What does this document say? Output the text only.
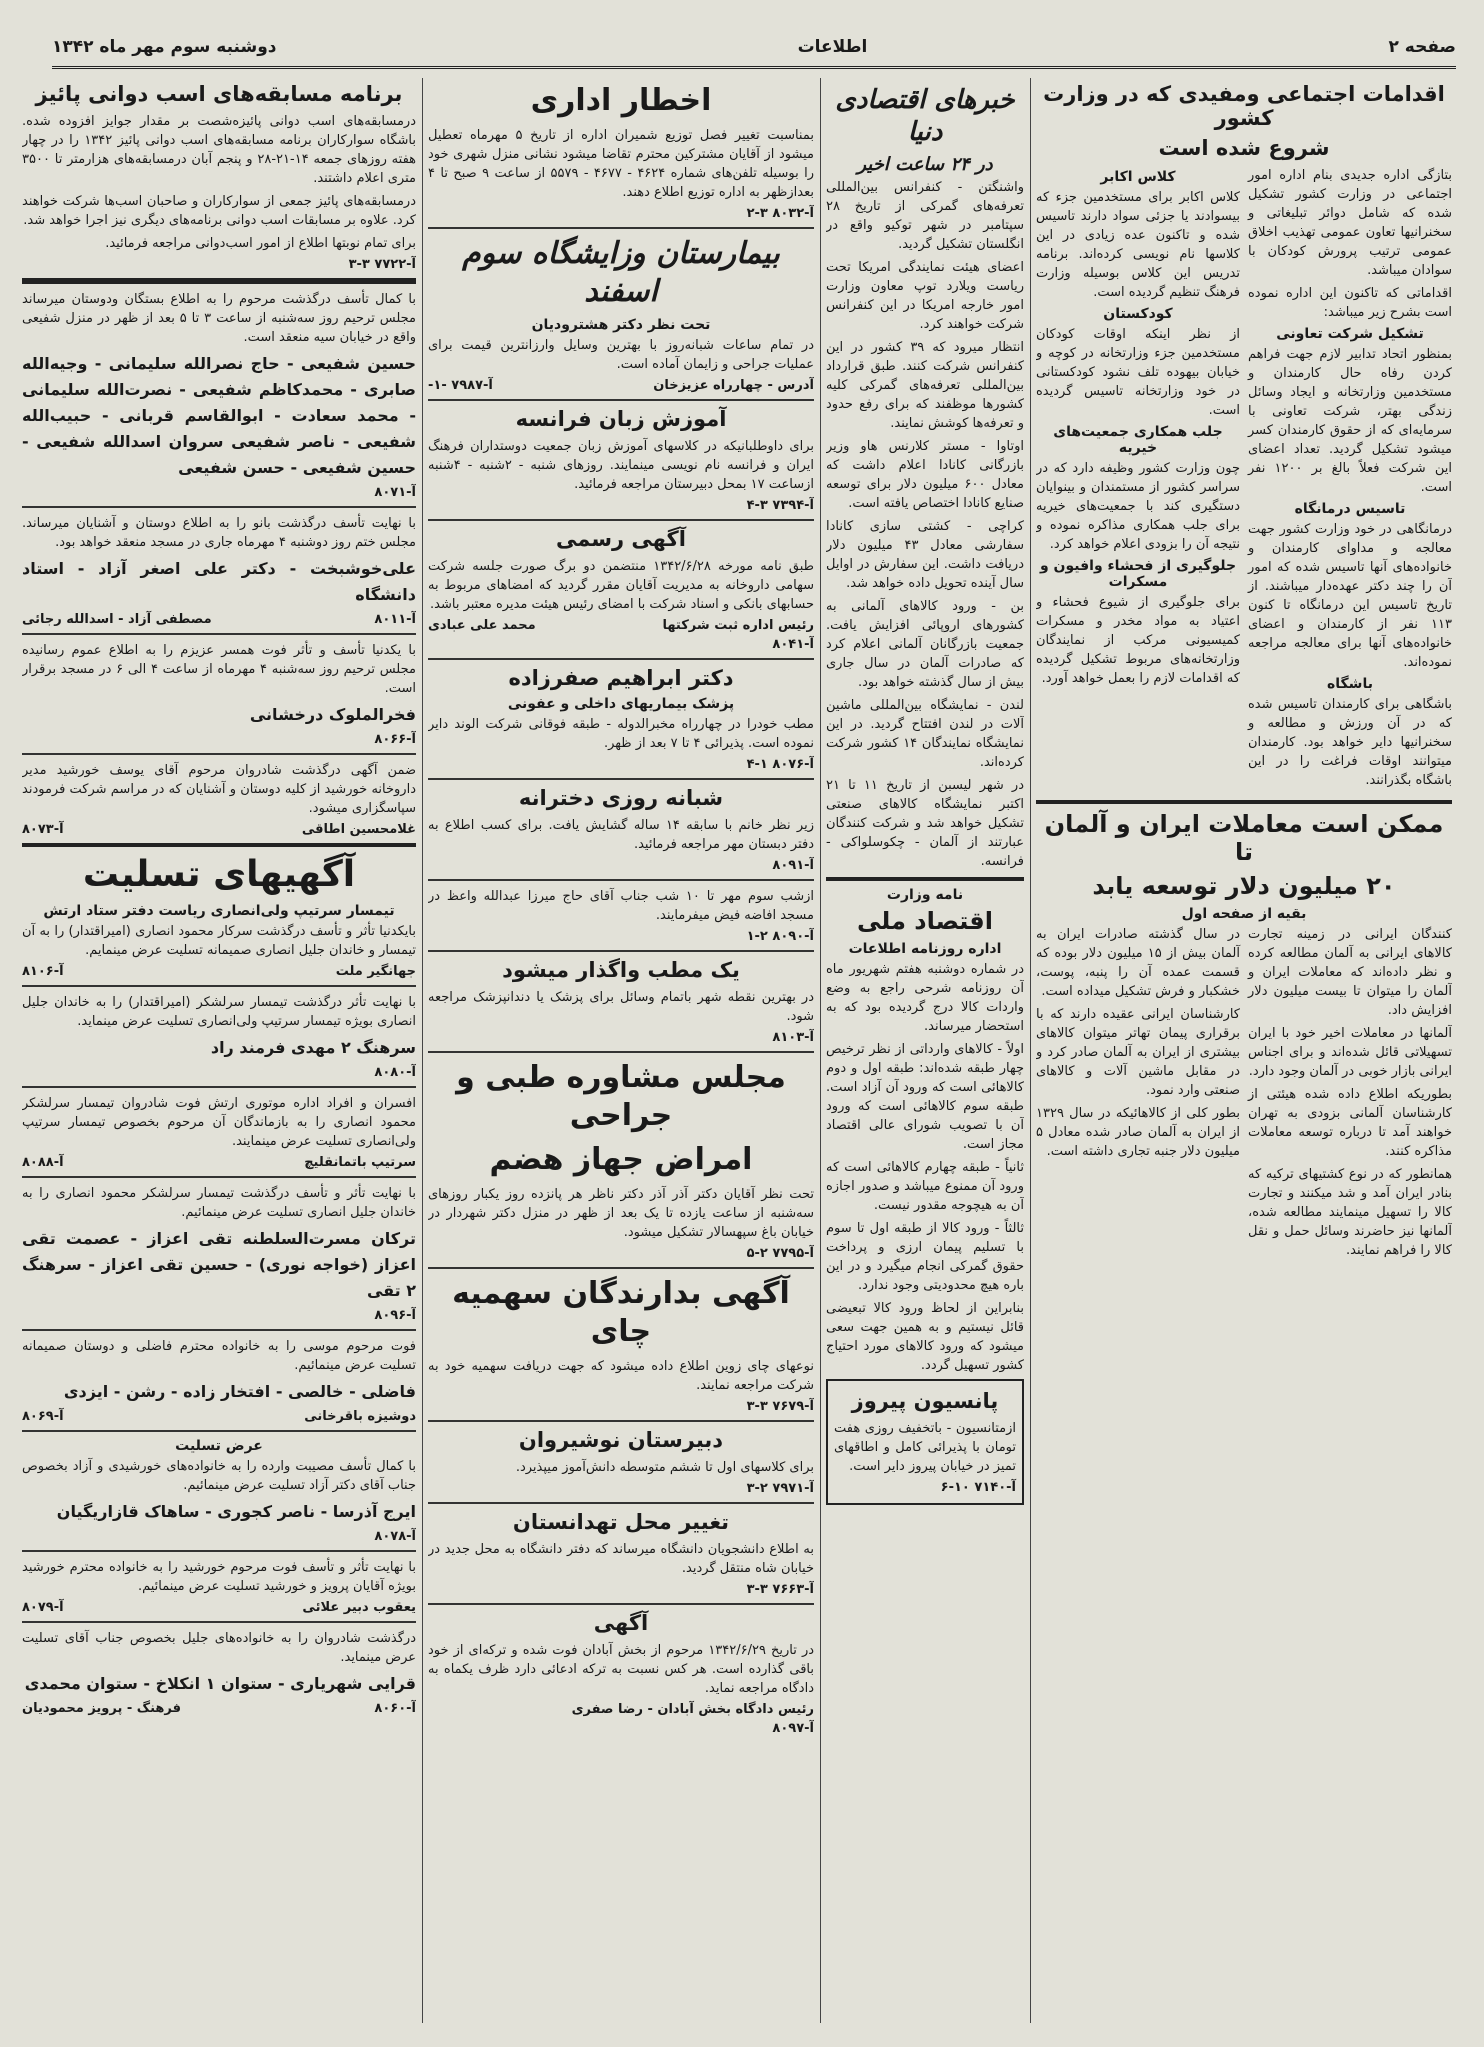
صفحه ۲
اطلاعات
دوشنبه سوم مهر ماه ۱۳۴۲
اقدامات اجتماعی ومفیدی که در وزارت کشور
شروع شده است

بتازگی اداره جدیدی بنام اداره امور اجتماعی در وزارت کشور تشکیل شده که شامل دوائر تبلیغاتی و سخنرانیها تعاون عمومی تهذیب اخلاق عمومی ترتیب پرورش کودکان با سوادان میباشد.

اقداماتی که تاکنون این اداره نموده است بشرح زیر میباشد:

تشکیل شرکت تعاونی

بمنظور اتحاد تدابیر لازم جهت فراهم کردن رفاه حال کارمندان و مستخدمین وزارتخانه و ایجاد وسائل زندگی بهتر، شرکت تعاونی با سرمایه‌ای که از حقوق کارمندان کسر میشود تشکیل گردید. تعداد اعضای این شرکت فعلاً بالغ بر ۱۲۰۰ نفر است.

تاسیس درمانگاه

درمانگاهی در خود وزارت کشور جهت معالجه و مداوای کارمندان و خانواده‌های آنها تاسیس شده که امور آن را چند دکتر عهده‌دار میباشند. از تاریخ تاسیس این درمانگاه تا کنون ۱۱۳ نفر از کارمندان و اعضای خانواده‌های آنها برای معالجه مراجعه نموده‌اند.

باشگاه

باشگاهی برای کارمندان تاسیس شده که در آن ورزش و مطالعه و سخنرانیها دایر خواهد بود. کارمندان میتوانند اوقات فراغت را در این باشگاه بگذرانند.

کلاس اکابر

کلاس اکابر برای مستخدمین جزء که بیسوادند یا جزئی سواد دارند تاسیس شده و تاکنون عده زیادی در این کلاسها نام نویسی کرده‌اند. برنامه تدریس این کلاس بوسیله وزارت فرهنگ تنظیم گردیده است.

کودکستان

از نظر اینکه اوقات کودکان مستخدمین جزء وزارتخانه در کوچه و خیابان بیهوده تلف نشود کودکستانی در خود وزارتخانه تاسیس گردیده است.

جلب همکاری جمعیت‌های خیریه

چون وزارت کشور وظیفه دارد که در سراسر کشور از مستمندان و بینوایان دستگیری کند با جمعیت‌های خیریه برای جلب همکاری مذاکره نموده و نتیجه آن را بزودی اعلام خواهد کرد.

جلوگیری از فحشاء وافیون و مسکرات

برای جلوگیری از شیوع فحشاء و اعتیاد به مواد مخدر و مسکرات کمیسیونی مرکب از نمایندگان وزارتخانه‌های مربوط تشکیل گردیده که اقدامات لازم را بعمل خواهد آورد.

ممکن است معاملات ایران و آلمان تا
۲۰ میلیون دلار توسعه یابد
بقیه از صفحه اول

کنندگان ایرانی در زمینه تجارت کالاهای ایرانی به آلمان مطالعه کرده و نظر داده‌اند که معاملات ایران و آلمان را میتوان تا بیست میلیون دلار افزایش داد.

آلمانها در معاملات اخیر خود با ایران تسهیلاتی قائل شده‌اند و برای اجناس ایرانی بازار خوبی در آلمان وجود دارد.

بطوریکه اطلاع داده شده هیئتی از کارشناسان آلمانی بزودی به تهران خواهند آمد تا درباره توسعه معاملات مذاکره کنند.

همانطور که در نوع کشتیهای ترکیه که بنادر ایران آمد و شد میکنند و تجارت کالا را تسهیل مینمایند مطالعه شده، آلمانها نیز حاضرند وسائل حمل و نقل کالا را فراهم نمایند.

در سال گذشته صادرات ایران به آلمان بیش از ۱۵ میلیون دلار بوده که قسمت عمده آن را پنبه، پوست، خشکبار و فرش تشکیل میداده است.

کارشناسان ایرانی عقیده دارند که با برقراری پیمان تهاتر میتوان کالاهای بیشتری از ایران به آلمان صادر کرد و در مقابل ماشین آلات و کالاهای صنعتی وارد نمود.

بطور کلی از کالاهائیکه در سال ۱۳۲۹ از ایران به آلمان صادر شده معادل ۵ میلیون دلار جنبه تجاری داشته است.

خبرهای اقتصادی دنیا
در ۲۴ ساعت اخیر

واشنگتن - کنفرانس بین‌المللی تعرفه‌های گمرکی از تاریخ ۲۸ سپتامبر در شهر توکیو واقع در انگلستان تشکیل گردید.

اعضای هیئت نمایندگی امریکا تحت ریاست ویلارد توپ معاون وزارت امور خارجه امریکا در این کنفرانس شرکت خواهند کرد.

انتظار میرود که ۳۹ کشور در این کنفرانس شرکت کنند. طبق قرارداد بین‌المللی تعرفه‌های گمرکی کلیه کشورها موظفند که برای رفع حدود و تعرفه‌ها کوشش نمایند.

اوتاوا - مستر کلارنس هاو وزیر بازرگانی کانادا اعلام داشت که معادل ۶۰۰ میلیون دلار برای توسعه صنایع کانادا اختصاص یافته است.

کراچی - کشتی سازی کانادا سفارشی معادل ۴۳ میلیون دلار دریافت داشت. این سفارش در اوایل سال آینده تحویل داده خواهد شد.

بن - ورود کالاهای آلمانی به کشورهای اروپائی افزایش یافت. جمعیت بازرگانان آلمانی اعلام کرد که صادرات آلمان در سال جاری بیش از سال گذشته خواهد بود.

لندن - نمایشگاه بین‌المللی ماشین آلات در لندن افتتاح گردید. در این نمایشگاه نمایندگان ۱۴ کشور شرکت کرده‌اند.

در شهر لیسبن از تاریخ ۱۱ تا ۲۱ اکتبر نمایشگاه کالاهای صنعتی تشکیل خواهد شد و شرکت کنندگان عبارتند از آلمان - چکوسلواکی - فرانسه.

نامه وزارت
اقتصاد ملی
اداره روزنامه اطلاعات

در شماره دوشنبه هفتم شهریور ماه آن روزنامه شرحی راجع به وضع واردات کالا درج گردیده بود که به استحضار میرساند.

اولاً - کالاهای وارداتی از نظر ترخیص چهار طبقه شده‌اند: طبقه اول و دوم کالاهائی است که ورود آن آزاد است. طبقه سوم کالاهائی است که ورود آن با تصویب شورای عالی اقتصاد مجاز است.

ثانیاً - طبقه چهارم کالاهائی است که ورود آن ممنوع میباشد و صدور اجازه آن به هیچوجه مقدور نیست.

ثالثاً - ورود کالا از طبقه اول تا سوم با تسلیم پیمان ارزی و پرداخت حقوق گمرکی انجام میگیرد و در این باره هیچ محدودیتی وجود ندارد.

بنابراین از لحاظ ورود کالا تبعیضی قائل نیستیم و به همین جهت سعی میشود که ورود کالاهای مورد احتیاج کشور تسهیل گردد.

پانسیون پیروز

ازمتانسیون - باتخفیف روزی هفت تومان با پذیرائی کامل و اطاقهای تمیز در خیابان پیروز دایر است.

آ-۷۱۴۰ ۱۰-۶
اخطار اداری

بمناسبت تغییر فصل توزیع شمیران اداره از تاریخ ۵ مهرماه تعطیل میشود از آقایان مشترکین محترم تقاضا میشود نشانی منزل شهری خود را بوسیله تلفن‌های شماره ۴۶۲۴ - ۴۶۷۷ - ۵۵۷۹ از ساعت ۹ صبح تا ۴ بعدازظهر به اداره توزیع اطلاع دهند.

آ-۸۰۳۲ ۳-۲
بیمارستان وزایشگاه سوم اسفند
تحت نظر دکتر هشترودیان

در تمام ساعات شبانه‌روز با بهترین وسایل وارزانترین قیمت برای عملیات جراحی و زایمان آماده است.

آدرس - چهارراه عزیزخان
آ-۷۹۸۷ -۱-
آموزش زبان فرانسه

برای داوطلبانیکه در کلاسهای آموزش زبان جمعیت دوستداران فرهنگ ایران و فرانسه نام نویسی مینمایند. روزهای شنبه - ۲شنبه - ۴شنبه ازساعت ۱۷ بمحل دبیرستان مراجعه فرمائید.

آ-۷۳۹۴ ۳-۴
آگهی رسمی

طبق نامه مورخه ۱۳۴۲/۶/۲۸ منتضمن دو برگ صورت جلسه شرکت سهامی داروخانه به مدیریت آقایان مقرر گردید که امضاهای مربوط به حسابهای بانکی و اسناد شرکت با امضای رئیس هیئت مدیره معتبر باشد.

رئیس اداره ثبت شرکتها
محمد علی عبادی
آ-۸۰۴۱
دکتر ابراهیم صفرزاده
پزشک بیماریهای داخلی و عفونی

مطب خودرا در چهارراه مخبرالدوله - طبقه فوقانی شرکت الوند دایر نموده است. پذیرائی ۴ تا ۷ بعد از ظهر.

آ-۸۰۷۶ ۱-۴
شبانه روزی دخترانه

زیر نظر خانم با سابقه ۱۴ ساله گشایش یافت. برای کسب اطلاع به دفتر دبستان مهر مراجعه فرمائید.

آ-۸۰۹۱

ازشب سوم مهر تا ۱۰ شب جناب آقای حاج میرزا عبدالله واعظ در مسجد افاضه فیض میفرمایند.

آ-۸۰۹۰ ۲-۱
یک مطب واگذار میشود

در بهترین نقطه شهر باتمام وسائل برای پزشک یا دندانپزشک مراجعه شود.

آ-۸۱۰۳
مجلس مشاوره طبی و جراحی
امراض جهاز هضم

تحت نظر آقایان دکتر آذر آذر دکتر ناظر هر پانزده روز یکبار روزهای سه‌شنبه از ساعت یازده تا یک بعد از ظهر در منزل دکتر شهردار در خیابان باغ سپهسالار تشکیل میشود.

آ-۷۷۹۵ ۲-۵
آگهی بدارندگان سهمیه چای

نوعهای چای زوین اطلاع داده میشود که جهت دریافت سهمیه خود به شرکت مراجعه نمایند.

آ-۷۶۷۹ ۳-۳
دبیرستان نوشیروان

برای کلاسهای اول تا ششم متوسطه دانش‌آموز میپذیرد.

آ-۷۹۷۱ ۲-۳
تغییر محل تهدانستان

به اطلاع دانشجویان دانشگاه میرساند که دفتر دانشگاه به محل جدید در خیابان شاه منتقل گردید.

آ-۷۶۶۳ ۳-۳
آگهی

در تاریخ ۱۳۴۲/۶/۲۹ مرحوم از بخش آبادان فوت شده و ترکه‌ای از خود باقی گذارده است. هر کس نسبت به ترکه ادعائی دارد ظرف یکماه به دادگاه مراجعه نماید.

رئیس دادگاه بخش آبادان - رضا صفری
آ-۸۰۹۷
برنامه مسابقه‌های اسب دوانی پائیز

درمسابقه‌های اسب دوانی پائیزه‌شصت بر مقدار جوایز افزوده شده. باشگاه سوارکاران برنامه مسابقه‌های اسب دوانی پائیز ۱۳۴۲ را در چهار هفته روزهای جمعه ۱۴-۲۱-۲۸ و پنجم آبان درمسابقه‌های هزارمتر تا ۳۵۰۰ متری اعلام داشتند.

درمسابقه‌های پائیز جمعی از سوارکاران و صاحبان اسب‌ها شرکت خواهند کرد. علاوه بر مسابقات اسب دوانی برنامه‌های دیگری نیز اجرا خواهد شد.

برای تمام نوبتها اطلاع از امور اسب‌دوانی مراجعه فرمائید.

آ-۷۷۲۲ ۳-۳

با کمال تأسف درگذشت مرحوم را به اطلاع بستگان ودوستان میرساند مجلس ترحیم روز سه‌شنبه از ساعت ۳ تا ۵ بعد از ظهر در منزل شفیعی واقع در خیابان سیه منعقد است.

حسین شفیعی - حاج نصرالله سلیمانی - وجیه‌الله صابری - محمدکاظم شفیعی - نصرت‌الله سلیمانی - محمد سعادت - ابوالقاسم قربانی - حبیب‌الله شفیعی - ناصر شفیعی سروان اسدالله شفیعی - حسین شفیعی - حسن شفیعی
آ-۸۰۷۱

با نهایت تأسف درگذشت بانو را به اطلاع دوستان و آشنایان میرساند. مجلس ختم روز دوشنبه ۴ مهرماه جاری در مسجد منعقد خواهد بود.

علی‌خوشبخت - دکتر علی اصغر آزاد - استاد دانشگاه
آ-۸۰۱۱
مصطفی آزاد - اسدالله رجائی

با یکدنیا تأسف و تأثر فوت همسر عزیزم را به اطلاع عموم رسانیده مجلس ترحیم روز سه‌شنبه ۴ مهرماه از ساعت ۴ الی ۶ در مسجد برقرار است.

فخرالملوک درخشانی
آ-۸۰۶۶

ضمن آگهی درگذشت شادروان مرحوم آقای یوسف خورشید مدیر داروخانه خورشید از کلیه دوستان و آشنایان که در مراسم شرکت فرمودند سپاسگزاری میشود.

غلامحسین اطاقی
آ-۸۰۷۳
آگهیهای تسلیت
تیمسار سرتیپ ولی‌انصاری ریاست دفتر ستاد ارتش

بایکدنیا تأثر و تأسف درگذشت سرکار محمود انصاری (امیراقتدار) را به آن تیمسار و خاندان جلیل انصاری صمیمانه تسلیت عرض مینمایم.

جهانگیر ملت
آ-۸۱۰۶

با نهایت تأثر درگذشت تیمسار سرلشکر (امیراقتدار) را به خاندان جلیل انصاری بویژه تیمسار سرتیپ ولی‌انصاری تسلیت عرض مینماید.

سرهنگ ۲ مهدی فرمند راد
آ-۸۰۸۰

افسران و افراد اداره موتوری ارتش فوت شادروان تیمسار سرلشکر محمود انصاری را به بازماندگان آن مرحوم بخصوص تیمسار سرتیپ ولی‌انصاری تسلیت عرض مینمایند.

سرتیپ باتمانقلیچ
آ-۸۰۸۸

با نهایت تأثر و تأسف درگذشت تیمسار سرلشکر محمود انصاری را به خاندان جلیل انصاری تسلیت عرض مینمائیم.

ترکان مسرت‌السلطنه تقی اعزاز - عصمت تقی اعزاز (خواجه نوری) - حسین تقی اعزاز - سرهنگ ۲ تقی
آ-۸۰۹۶

فوت مرحوم موسی را به خانواده محترم فاضلی و دوستان صمیمانه تسلیت عرض مینمائیم.

فاضلی - خالصی - افتخار زاده - رشن - ایزدی
دوشیزه باقرخانی
آ-۸۰۶۹
عرض تسلیت

با کمال تأسف مصیبت وارده را به خانواده‌های خورشیدی و آزاد بخصوص جناب آقای دکتر آزاد تسلیت عرض مینمائیم.

ایرج آذرسا - ناصر کجوری - ساهاک قازاریگیان
آ-۸۰۷۸

با نهایت تأثر و تأسف فوت مرحوم خورشید را به خانواده محترم خورشید بویژه آقایان پرویز و خورشید تسلیت عرض مینمائیم.

یعقوب دبیر علائی
آ-۸۰۷۹

درگذشت شادروان را به خانواده‌های جلیل بخصوص جناب آقای تسلیت عرض مینماید.

قرایی شهریاری - ستوان ۱ انکلاخ - ستوان محمدی
آ-۸۰۶۰
فرهنگ - پرویز محمودیان
